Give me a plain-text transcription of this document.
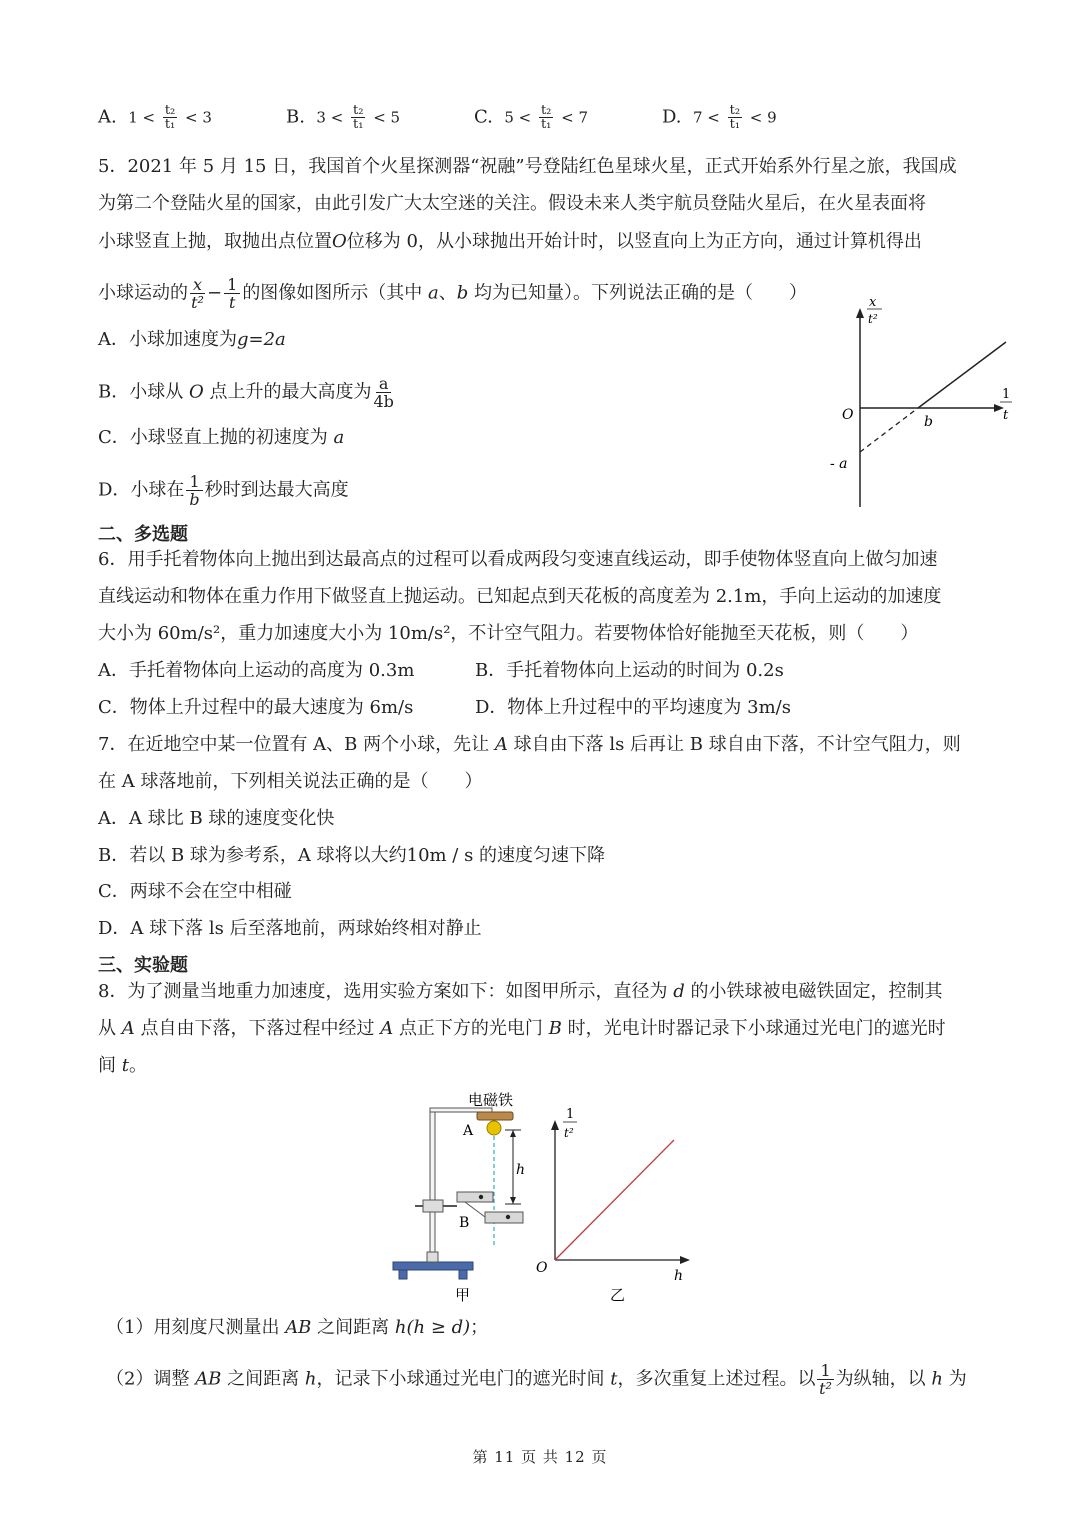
A. $1 < \frac{\text{t₂}}{\text{t₁}} < 3$	B. $3 < \frac{\text{t₂}}{\text{t₁}} < 5$	C. $5 < \frac{\text{t₂}}{\text{t₁}} < 7$	D. $7 < \frac{\text{t₂}}{\text{t₁}} < 9$
5．2021 年 5 月 15 日，我国首个火星探测器“祝融”号登陆红色星球火星，正式开始系外行星之旅，我国成
为第二个登陆火星的国家，由此引发广大太空迷的关注。假设未来人类宇航员登陆火星后，在火星表面将
小球竖直上抛，取抛出点位置O位移为 0，从小球抛出开始计时，以竖直向上为正方向，通过计算机得出
小球运动的 $\frac{x}{\text{t²}} - \frac{1}{t}$ 的图像如图所示（其中 a、b 均为已知量）。下列说法正确的是（　　）
A．小球加速度为g=2a
B．小球从 O 点上升的最大高度为 $\frac{a}{4b}$
C．小球竖直上抛的初速度为 a
D．小球在 $\frac{1}{b}$ 秒时到达最大高度
x
t²
1
t
O	b
- a
二、多选题
6．用手托着物体向上抛出到达最高点的过程可以看成两段匀变速直线运动，即手使物体竖直向上做匀加速
直线运动和物体在重力作用下做竖直上抛运动。已知起点到天花板的高度差为 2.1m，手向上运动的加速度
大小为 60m/s²，重力加速度大小为 10m/s²，不计空气阻力。若要物体恰好能抛至天花板，则（　　）
A．手托着物体向上运动的高度为 0.3m	B．手托着物体向上运动的时间为 0.2s
C．物体上升过程中的最大速度为 6m/s	D．物体上升过程中的平均速度为 3m/s
7．在近地空中某一位置有 A、B 两个小球，先让 A 球自由下落 ls 后再让 B 球自由下落，不计空气阻力，则
在 A 球落地前，下列相关说法正确的是（　　）
A．A 球比 B 球的速度变化快
B．若以 B 球为参考系，A 球将以大约10m / s 的速度匀速下降
C．两球不会在空中相碰
D．A 球下落 ls 后至落地前，两球始终相对静止
三、实验题
8．为了测量当地重力加速度，选用实验方案如下：如图甲所示，直径为 d 的小铁球被电磁铁固定，控制其
从 A 点自由下落，下落过程中经过 A 点正下方的光电门 B 时，光电计时器记录下小球通过光电门的遮光时
间 t。
电磁铁
A
B
h
甲
1
t²
O	h
乙
（1）用刻度尺测量出 AB 之间距离 h(h ≥ d)；
（2）调整 AB 之间距离 h，记录下小球通过光电门的遮光时间 t，多次重复上述过程。以 $\frac{1}{\text{t²}}$ 为纵轴，以 h 为
第 11 页 共 12 页
